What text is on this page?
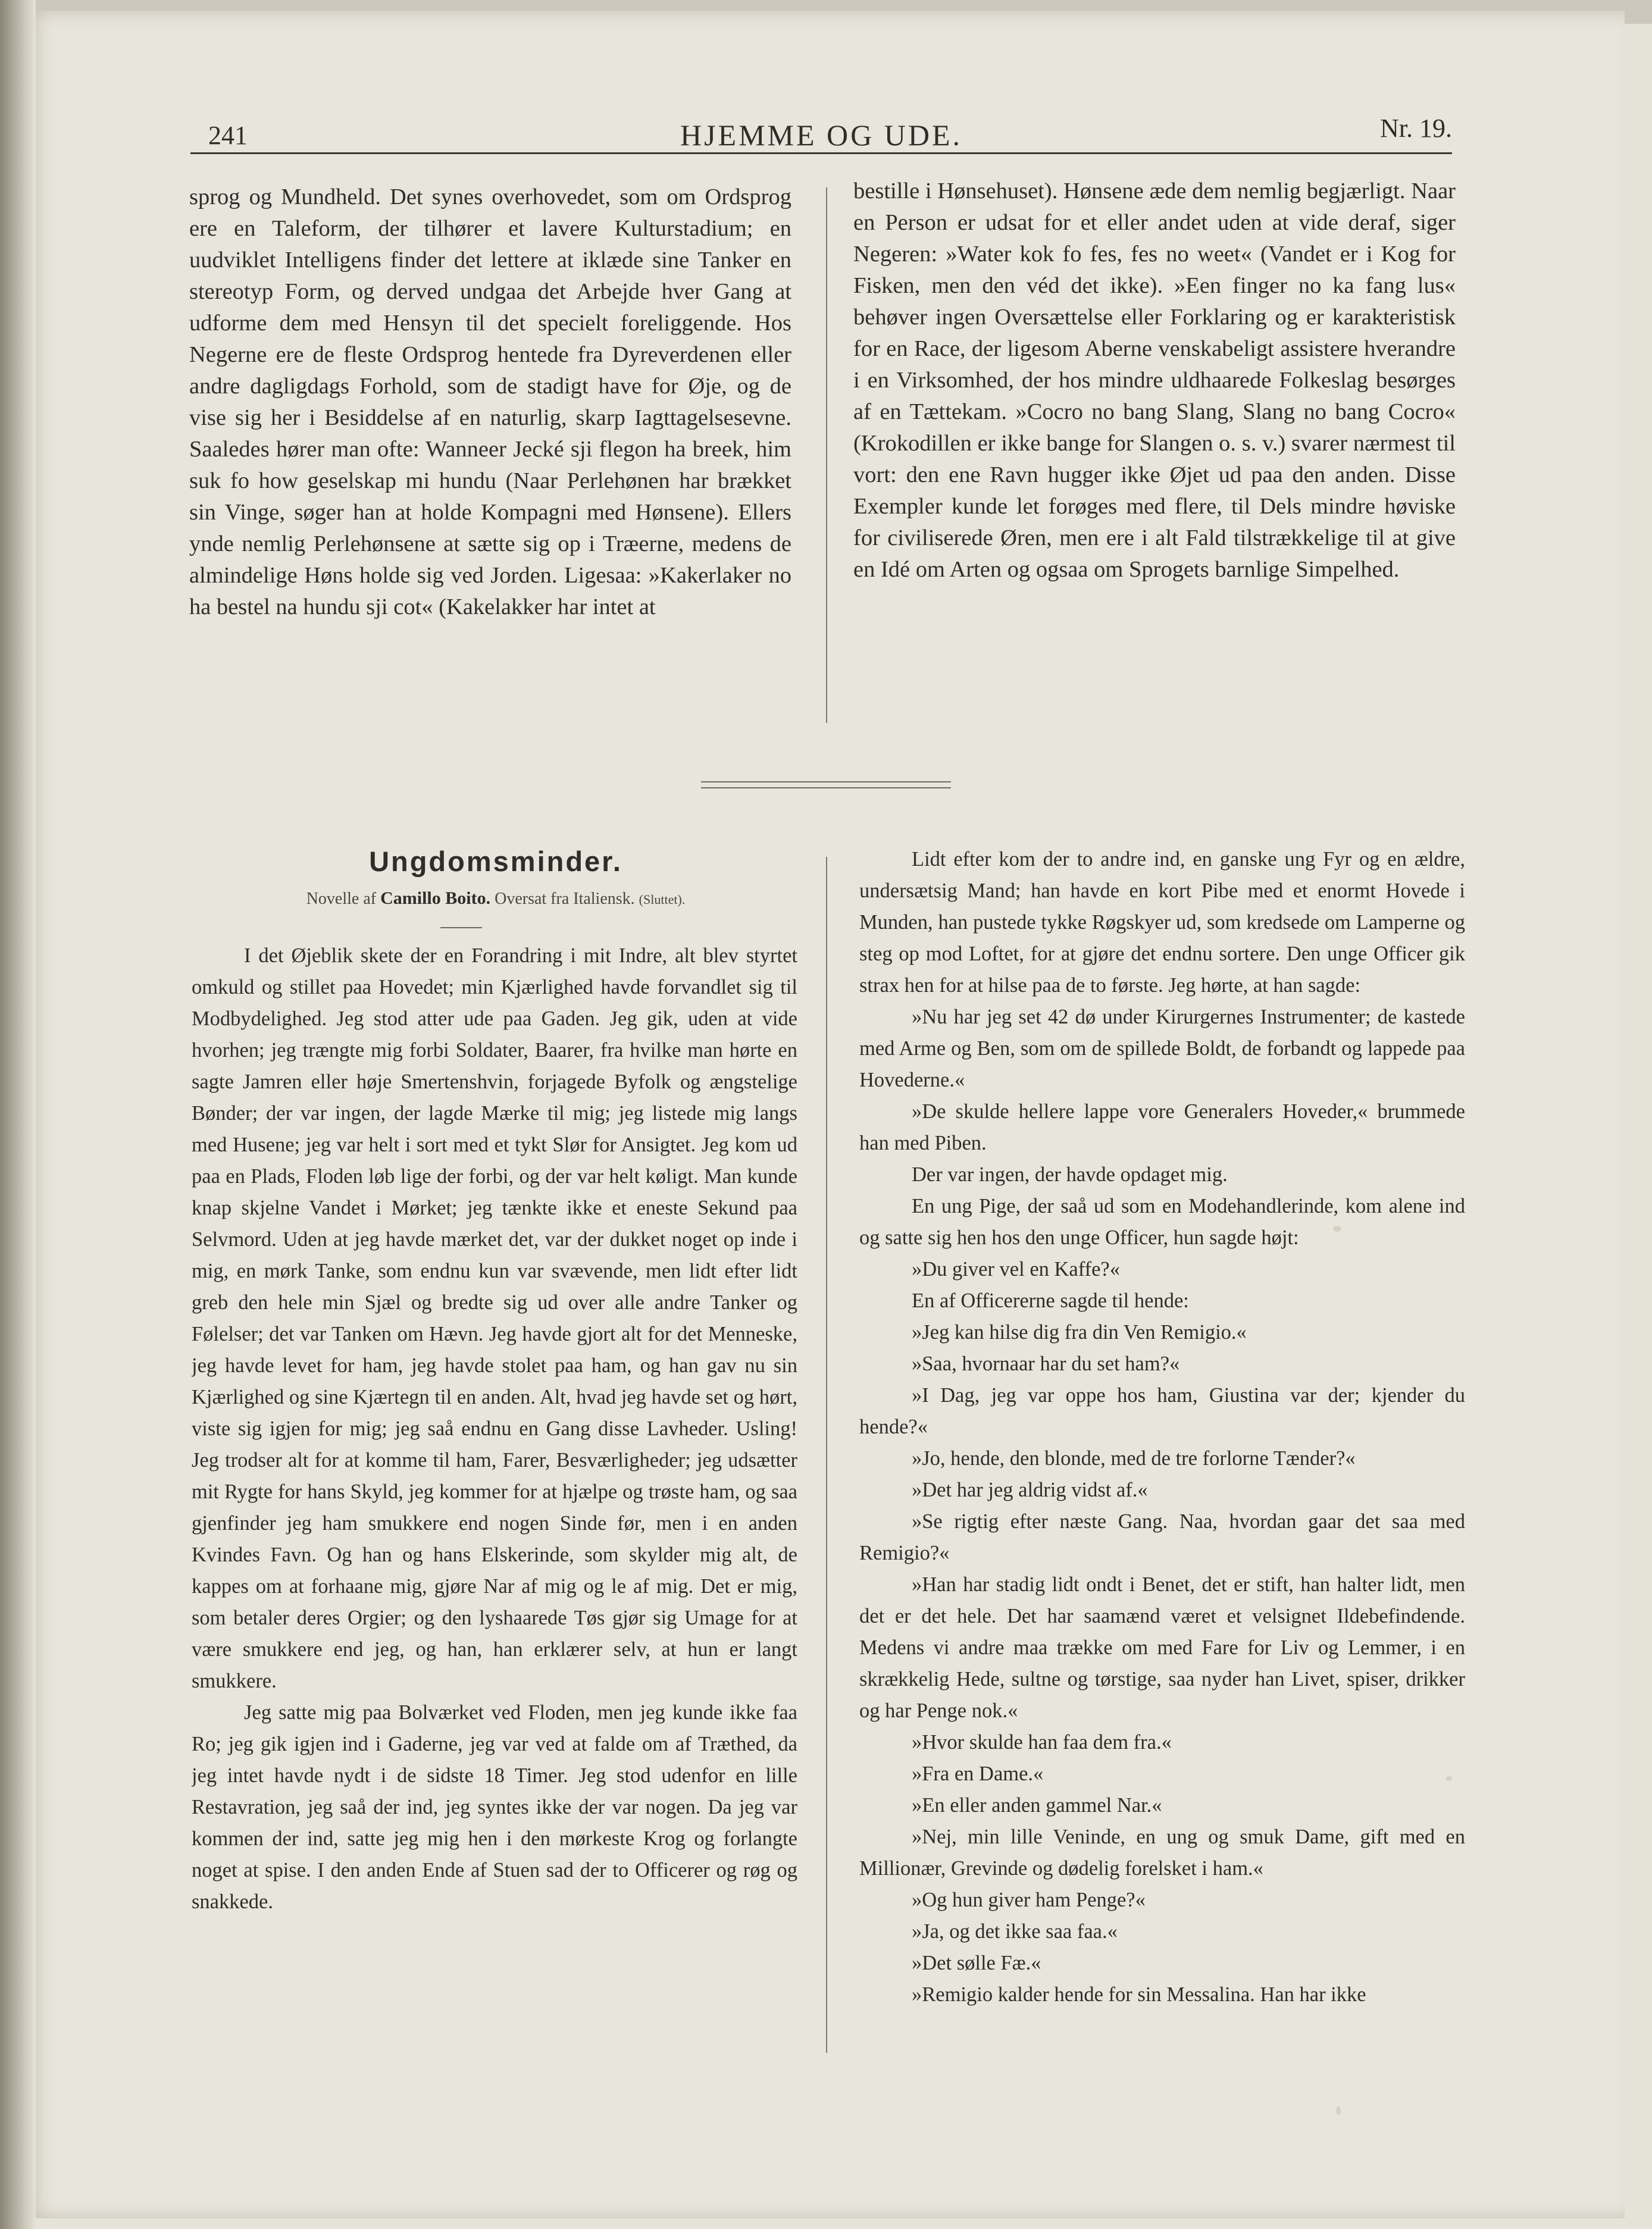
241	HJEMME OG UDE.	Nr. 19.

sprog og Mundheld. Det synes overhovedet, som om Ordsprog ere en Taleform, der tilhører et lavere Kulturstadium; en uudviklet Intelligens finder det lettere at iklæde sine Tanker en stereotyp Form, og derved undgaa det Arbejde hver Gang at udforme dem med Hensyn til det specielt foreliggende. Hos Negerne ere de fleste Ordsprog hentede fra Dyreverdenen eller andre dagligdags Forhold, som de stadigt have for Øje, og de vise sig her i Besiddelse af en naturlig, skarp Iagttagelsesevne. Saaledes hører man ofte: Wanneer Jecké sji flegon ha breek, him suk fo how geselskap mi hundu (Naar Perlehønen har brækket sin Vinge, søger han at holde Kompagni med Hønsene). Ellers ynde nemlig Perlehønsene at sætte sig op i Træerne, medens de almindelige Høns holde sig ved Jorden. Ligesaa: »Kakerlaker no ha bestel na hundu sji cot« (Kakelakker har intet at

bestille i Hønsehuset). Hønsene æde dem nemlig begjærligt. Naar en Person er udsat for et eller andet uden at vide deraf, siger Negeren: »Water kok fo fes, fes no weet« (Vandet er i Kog for Fisken, men den véd det ikke). »Een finger no ka fang lus« behøver ingen Oversættelse eller Forklaring og er karakteristisk for en Race, der ligesom Aberne venskabeligt assistere hverandre i en Virksomhed, der hos mindre uldhaarede Folkeslag besørges af en Tættekam. »Cocro no bang Slang, Slang no bang Cocro« (Krokodillen er ikke bange for Slangen o. s. v.) svarer nærmest til vort: den ene Ravn hugger ikke Øjet ud paa den anden. Disse Exempler kunde let forøges med flere, til Dels mindre høviske for civiliserede Øren, men ere i alt Fald tilstrækkelige til at give en Idé om Arten og ogsaa om Sprogets barnlige Simpelhed.

Ungdomsminder.
Novelle af Camillo Boito. Oversat fra Italiensk. (Sluttet).

I det Øjeblik skete der en Forandring i mit Indre, alt blev styrtet omkuld og stillet paa Hovedet; min Kjærlighed havde forvandlet sig til Modbydelighed. Jeg stod atter ude paa Gaden. Jeg gik, uden at vide hvorhen; jeg trængte mig forbi Soldater, Baarer, fra hvilke man hørte en sagte Jamren eller høje Smertenshvin, forjagede Byfolk og ængstelige Bønder; der var ingen, der lagde Mærke til mig; jeg listede mig langs med Husene; jeg var helt i sort med et tykt Slør for Ansigtet. Jeg kom ud paa en Plads, Floden løb lige der forbi, og der var helt køligt. Man kunde knap skjelne Vandet i Mørket; jeg tænkte ikke et eneste Sekund paa Selvmord. Uden at jeg havde mærket det, var der dukket noget op inde i mig, en mørk Tanke, som endnu kun var svævende, men lidt efter lidt greb den hele min Sjæl og bredte sig ud over alle andre Tanker og Følelser; det var Tanken om Hævn. Jeg havde gjort alt for det Menneske, jeg havde levet for ham, jeg havde stolet paa ham, og han gav nu sin Kjærlighed og sine Kjærtegn til en anden. Alt, hvad jeg havde set og hørt, viste sig igjen for mig; jeg saå endnu en Gang disse Lavheder. Usling! Jeg trodser alt for at komme til ham, Farer, Besværligheder; jeg udsætter mit Rygte for hans Skyld, jeg kommer for at hjælpe og trøste ham, og saa gjenfinder jeg ham smukkere end nogen Sinde før, men i en anden Kvindes Favn. Og han og hans Elskerinde, som skylder mig alt, de kappes om at forhaane mig, gjøre Nar af mig og le af mig. Det er mig, som betaler deres Orgier; og den lyshaarede Tøs gjør sig Umage for at være smukkere end jeg, og han, han erklærer selv, at hun er langt smukkere.

Jeg satte mig paa Bolværket ved Floden, men jeg kunde ikke faa Ro; jeg gik igjen ind i Gaderne, jeg var ved at falde om af Træthed, da jeg intet havde nydt i de sidste 18 Timer. Jeg stod udenfor en lille Restavration, jeg saå der ind, jeg syntes ikke der var nogen. Da jeg var kommen der ind, satte jeg mig hen i den mørkeste Krog og forlangte noget at spise. I den anden Ende af Stuen sad der to Officerer og røg og snakkede.

Lidt efter kom der to andre ind, en ganske ung Fyr og en ældre, undersætsig Mand; han havde en kort Pibe med et enormt Hovede i Munden, han pustede tykke Røgskyer ud, som kredsede om Lamperne og steg op mod Loftet, for at gjøre det endnu sortere. Den unge Officer gik strax hen for at hilse paa de to første. Jeg hørte, at han sagde:

»Nu har jeg set 42 dø under Kirurgernes Instrumenter; de kastede med Arme og Ben, som om de spillede Boldt, de forbandt og lappede paa Hovederne.«

»De skulde hellere lappe vore Generalers Hoveder,« brummede han med Piben.

Der var ingen, der havde opdaget mig.

En ung Pige, der saå ud som en Modehandlerinde, kom alene ind og satte sig hen hos den unge Officer, hun sagde højt:

»Du giver vel en Kaffe?«

En af Officererne sagde til hende:

»Jeg kan hilse dig fra din Ven Remigio.«

»Saa, hvornaar har du set ham?«

»I Dag, jeg var oppe hos ham, Giustina var der; kjender du hende?«

»Jo, hende, den blonde, med de tre forlorne Tænder?«

»Det har jeg aldrig vidst af.«

»Se rigtig efter næste Gang. Naa, hvordan gaar det saa med Remigio?«

»Han har stadig lidt ondt i Benet, det er stift, han halter lidt, men det er det hele. Det har saamænd været et velsignet Ildebefindende. Medens vi andre maa trække om med Fare for Liv og Lemmer, i en skrækkelig Hede, sultne og tørstige, saa nyder han Livet, spiser, drikker og har Penge nok.«

»Hvor skulde han faa dem fra.«

»Fra en Dame.«

»En eller anden gammel Nar.«

»Nej, min lille Veninde, en ung og smuk Dame, gift med en Millionær, Grevinde og dødelig forelsket i ham.«

»Og hun giver ham Penge?«

»Ja, og det ikke saa faa.«

»Det sølle Fæ.«

»Remigio kalder hende for sin Messalina. Han har ikke
